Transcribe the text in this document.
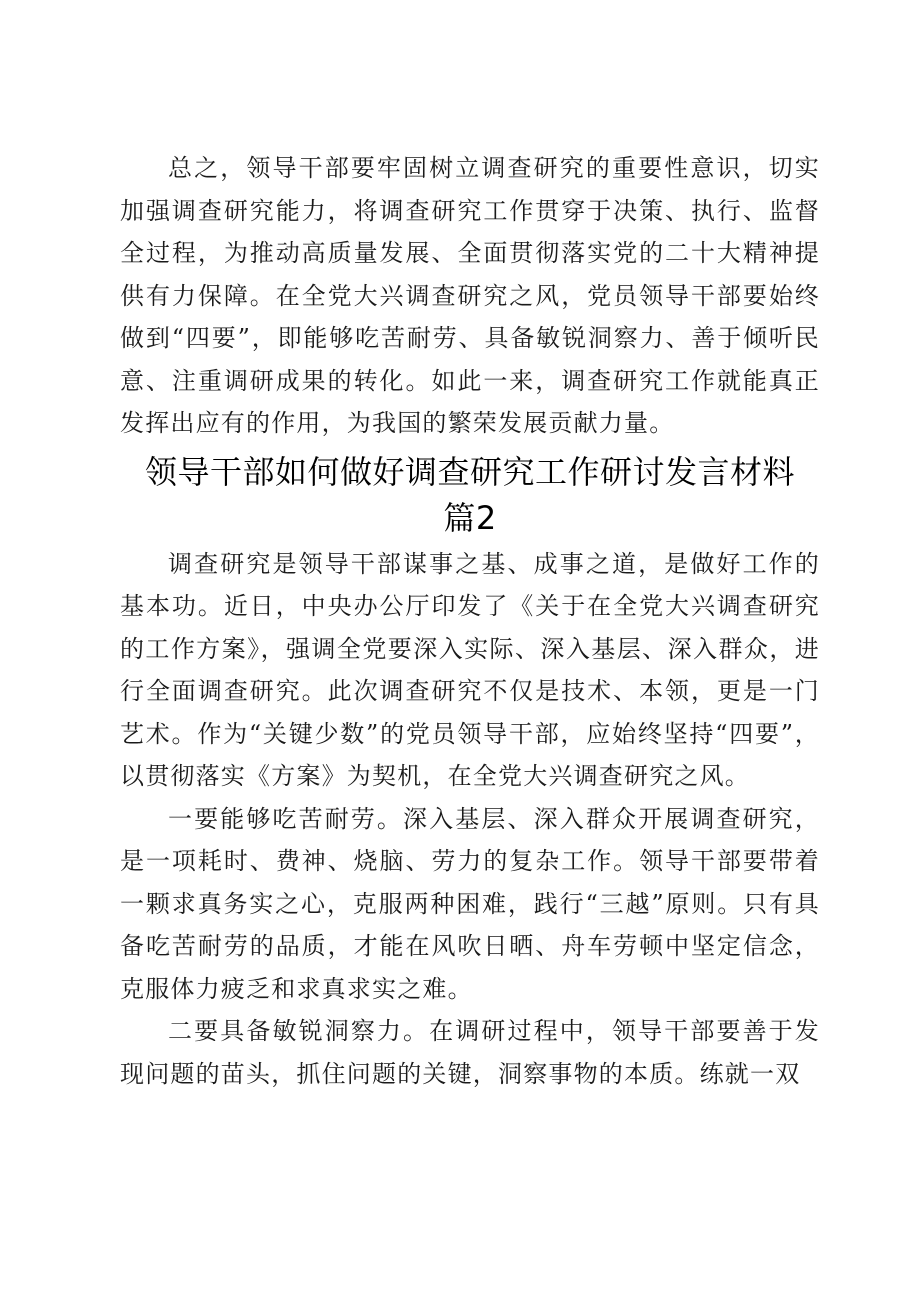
总之，领导干部要牢固树立调查研究的重要性意识，切实加强调查研究能力，将调查研究工作贯穿于决策、执行、监督全过程，为推动高质量发展、全面贯彻落实党的二十大精神提供有力保障。在全党大兴调查研究之风，党员领导干部要始终做到“四要”，即能够吃苦耐劳、具备敏锐洞察力、善于倾听民意、注重调研成果的转化。如此一来，调查研究工作就能真正发挥出应有的作用，为我国的繁荣发展贡献力量。

领导干部如何做好调查研究工作研讨发言材料
篇2

调查研究是领导干部谋事之基、成事之道，是做好工作的基本功。近日，中央办公厅印发了《关于在全党大兴调查研究的工作方案》，强调全党要深入实际、深入基层、深入群众，进行全面调查研究。此次调查研究不仅是技术、本领，更是一门艺术。作为“关键少数”的党员领导干部，应始终坚持“四要”，以贯彻落实《方案》为契机，在全党大兴调查研究之风。

一要能够吃苦耐劳。深入基层、深入群众开展调查研究，是一项耗时、费神、烧脑、劳力的复杂工作。领导干部要带着一颗求真务实之心，克服两种困难，践行“三越”原则。只有具备吃苦耐劳的品质，才能在风吹日晒、舟车劳顿中坚定信念，克服体力疲乏和求真求实之难。

二要具备敏锐洞察力。在调研过程中，领导干部要善于发现问题的苗头，抓住问题的关键，洞察事物的本质。练就一双
